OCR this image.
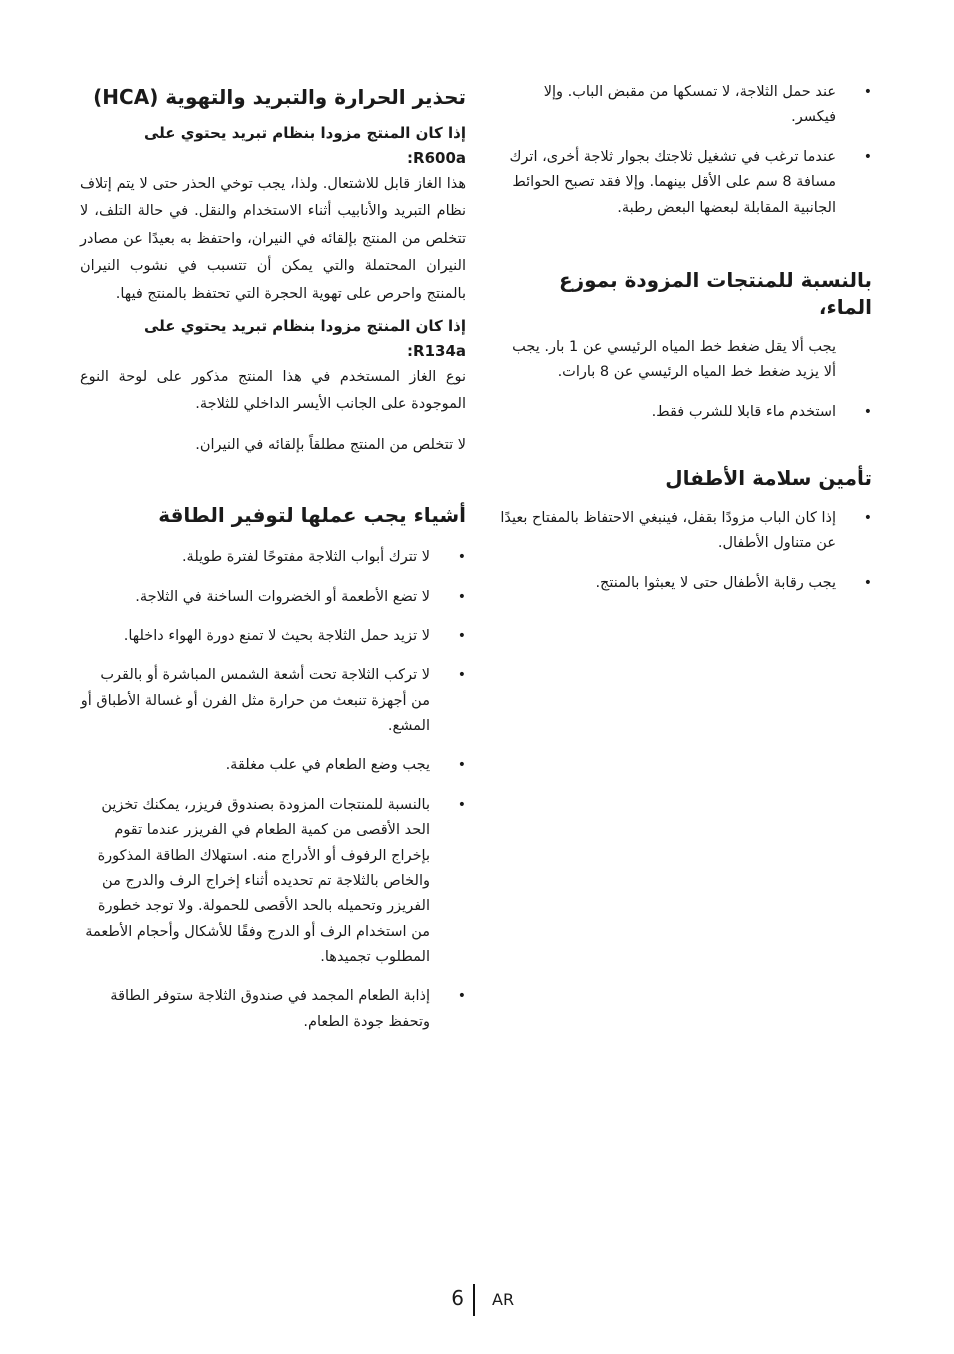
•
عند حمل الثلاجة، لا تمسكها من مقبض الباب. وإلا فيكسر.
•
عندما ترغب في تشغيل ثلاجتك بجوار ثلاجة أخرى، اترك مسافة 8 سم على الأقل بينهما. وإلا فقد تصبح الحوائط الجانبية المقابلة لبعضها البعض رطبة.
بالنسبة للمنتجات المزودة بموزع الماء،

يجب ألا يقل ضغط خط المياه الرئيسي عن 1 بار. يجب ألا يزيد ضغط خط المياه الرئيسي عن 8 بارات.

•
استخدم ماء قابلا للشرب فقط.
تأمين سلامة الأطفال
•
إذا كان الباب مزودًا بقفل، فينبغي الاحتفاظ بالمفتاح بعيدًا عن متناول الأطفال.
•
يجب رقابة الأطفال حتى لا يعبثوا بالمنتج.
تحذير الحرارة والتبريد والتهوية (HCA)
إذا كان المنتج مزودا بنظام تبريد يحتوي على R600a:

هذا الغاز قابل للاشتعال. ولذا، يجب توخي الحذر حتى لا يتم إتلاف نظام التبريد والأنابيب أثناء الاستخدام والنقل. في حالة التلف، لا تتخلص من المنتج بإلقائه في النيران، واحتفظ به بعيدًا عن مصادر النيران المحتملة والتي يمكن أن تتسبب في نشوب النيران بالمنتج واحرص على تهوية الحجرة التي تحتفظ بالمنتج فيها.

إذا كان المنتج مزودا بنظام تبريد يحتوي على R134a:

نوع الغاز المستخدم في هذا المنتج مذكور على لوحة النوع الموجودة على الجانب الأيسر الداخلي للثلاجة.

لا تتخلص من المنتج مطلقاً بإلقائه في النيران.

أشياء يجب عملها لتوفير الطاقة
•
لا تترك أبواب الثلاجة مفتوحًا لفترة طويلة.
•
لا تضع الأطعمة أو الخضروات الساخنة في الثلاجة.
•
لا تزيد حمل الثلاجة بحيث لا تمنع دورة الهواء داخلها.
•
لا تركب الثلاجة تحت أشعة الشمس المباشرة أو بالقرب من أجهزة تنبعث من حرارة مثل الفرن أو غسالة الأطباق أو المشع.
•
يجب وضع الطعام في علب مغلقة.
•
بالنسبة للمنتجات المزودة بصندوق فريزر، يمكنك تخزين الحد الأقصى من كمية الطعام في الفريزر عندما تقوم بإخراج الرفوف أو الأدراج منه. استهلاك الطاقة المذكورة والخاص بالثلاجة تم تحديده أثناء إخراج الرف والدرج من الفريزر وتحميله بالحد الأقصى للحمولة. ولا توجد خطورة من استخدام الرف أو الدرج وفقًا للأشكال وأحجام الأطعمة المطلوب تجميدها.
•
إذابة الطعام المجمد في صندوق الثلاجة ستوفر الطاقة وتحفظ جودة الطعام.
6 AR
